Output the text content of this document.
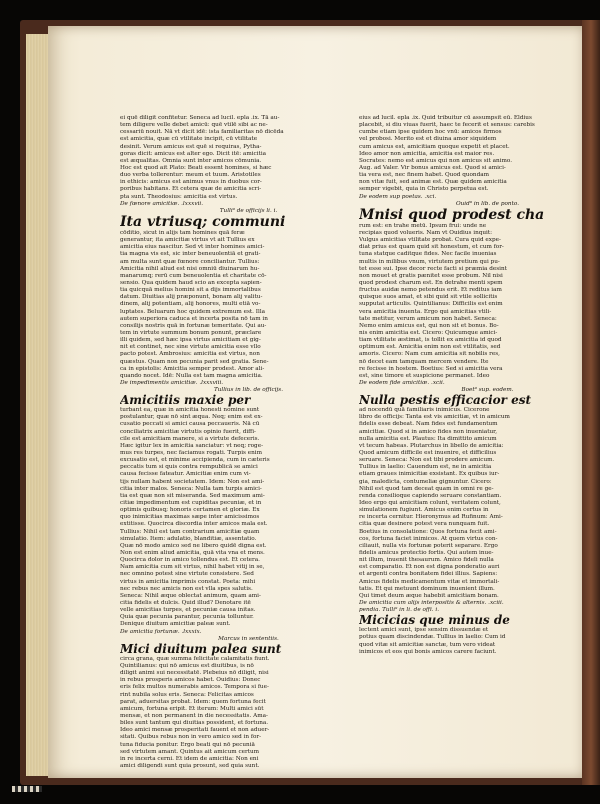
ei quē diligit confitetur. Seneca ad lucil. epla .ix. Tā au-
tem diligere velle debet amicū: quē vtilē sibi ac ne-
cessariū nouit. Nā vt dicit idē: ista familiaritas nō dicēda
est amicitia, quæ cū vtilitate incipit, cū vtilitate
desinit. Verum amicus est quē si requiras, Pytha-
goras dicit: amicus est alter ego. Dicit itē: amicitia
est æqualitas. Omnia sunt inter amicos cōmunia.
Hoc est quod ait Plato: Beati essent homines, si hæc
duo verba tollerentur: meum et tuum. Aristotiles
in ethicis: amicus est animus vnus in duobus cor-
poribus habitans. Et cetera quæ de amicitia scri-
pta sunt. Theodosius: amicitia est virtus.
De fœnore amicitiæ. .lxxxvii.
Tulli⁹ de officijs li. i.
Ita vtriusq; communi
cōditio, sicut in alijs tam homines quā feræ
generantur, ita amicitiæ virtus vt ait Tullius ex
amicitia eius nascitur. Sed vt inter homines amici-
tia magna vis est, sic inter beneuolentiā et grati-
am multa sunt quæ fœnore conciliantur. Tullius:
Amicitia nihil aliud est nisi omniū diuinarum hu-
manarumq; rerū cum beneuolentia et charitate cō-
sensio. Qua quidem haud scio an excepta sapien-
tia quicquā melius homini sit a dijs immortalibus
datum. Diuitias alij præponunt, bonam alij valitu-
dinem, alij potentiam, alij honores, multi etiā vo-
luptates. Beluarum hoc quidem extremum est. Illa
autem superiora caduca et incerta posita nō tam in
consilijs nostris quā in fortunæ temeritate. Qui au-
tem in virtute summum bonum ponunt, præclare
illi quidem, sed hæc ipsa virtus amicitiam et gig-
nit et continet, nec sine virtute amicitia esse vllo
pacto potest. Ambrosius: amicitia est virtus, non
quæstus. Quam non pecunia parit sed gratia. Sene-
ca in epistolis: Amicitia semper prodest. Amor ali-
quando nocet. Idē: Nulla est tam magna amicitia.
De impedimentis amicitiæ. .lxxxviii.
Tullius in lib. de officijs.
Amicitiis maxie per
turbant ea, quæ in amicitia honesti nomine sunt
postulantur, quæ nō sint æqua. Neq; enim est ex-
cusatio peccati si amici causa peccaueris. Nā cū
conciliatrix amicitiæ virtutis opinio fuerit, diffi-
cile est amicitiam manere, si a virtute defeceris.
Hæc igitur lex in amicitia sanciatur: vt neq; roge-
mus res turpes, nec faciamus rogati. Turpis enim
excusatio est, et minime accipienda, cum in cæteris
peccatis tum si quis contra rempublicā se amici
causa fecisse fateatur. Amicitiæ enim cum vi-
tijs nullam habent societatem. Idem: Non est ami-
citia inter malos. Seneca: Nulla tam turpis amici-
tia est quæ non sit miseranda. Sed maximum ami-
citiæ impedimentum est cupiditas pecuniæ, et in
optimis quibusq; honoris certamen et gloriæ. Ex
quo inimicitias maximas sæpe inter amicissimos
extitisse. Quocirca discordia inter amicos mala est.
Tullius: Nihil est tam contrarium amicitiæ quam
simulatio. Item: adulatio, blanditiæ, assentatio.
Quæ nō modo amico sed ne libero quidē digna est.
Non est enim aliud amicitia, quā vita vna et mens.
Quocirca dolor in amico tollendus est. Et cetera.
Nam amicitia cum sit virtus, nihil habet vitij in se,
nec omnino potest sine virtute consistere. Sed
virtus in amicitia imprimis constat. Poeta: mihi
nec rebus nec amicis non est vlla spes salutis.
Seneca: Nihil æque oblectat animum, quam ami-
citia fidelis et dulcis. Quid illud? Denotare itē
velle amicitias turpes, et pecuniæ causa initas.
Quia quæ pecunia parantur, pecunia tolluntur.
Denique diuitum amicitiæ paleæ sunt.
De amicitia fortunæ. .lxxxix.
Marcus in sententiis.
Mici diuitum palea sunt
circa grana, quæ summa felicitate calamitatis fiunt.
Quintilianus: qui nō amicus est diuitibus, is nō
diligit animi sui necessitatē. Plebeius nō diligit, nisi
in rebus prosperis amicos habet. Ouidius: Donec
eris felix multos numerabis amicos. Tempora si fue-
rint nubila solus eris. Seneca: Felicitas amicos
parat, aduersitas probat. Idem: quem fortuna fecit
amicum, fortuna eripit. Et iterum: Multi amici sūt
mensæ, et non permanent in die necessitatis. Ama-
biles sunt tantum qui diuitias possident, et fortuna.
Ideo amici mensæ prosperitati fauent et non aduer-
sitati. Quibus rebus non in vero amico sed in for-
tuna fiducia ponitur. Ergo beati qui nō pecuniā
sed virtutem amant. Quintus ait amicum certum
in re incerta cerni. Et idem de amicitia: Non eni
amici diligendi sunt quia prosunt, sed quia sunt.
eius ad lucil. epla .ix. Quid tribuitur cū assumpsit eū. Eldius
placebit, si diu viuas fuerit, haec te fecerit et sensus: carebis
cumbe etiam ipse quidem hoc vnū: amicos firmos
vel probosi. Merito est et diuina amor siquidem
cum amicus est, amicitiam quoque expetit et placet.
Ideo amor non amicitia, amicitia est maior res.
Socrates: nemo est amicus qui non amicus sit animo.
Aug. ad Valer. Vir bonus amicus est. Quod si amici-
tia vera est, nec finem habet. Quod quondam
non vitæ fuit, sed animæ est. Quæ quidem amicitia
semper vigebit, quia in Christo perpetua est.
De eodem sup poetas. .xci.
Ouid⁹ in lib. de ponto.
Mnisi quod prodest cha
rum est: en trahe metū. Ipsum frui: unde ne
recipias quod volueris. Nam vt Ouidius inquit:
Vulgus amicitias vtilitate probat. Cura quid expe-
diat prius est quam quid sit honestum, et cum for-
tuna statque caditque fides. Nec facile inuenias
multis in milibus vnum, virtutem pretium qui pu-
tet esse sui. Ipse decor recte facti si præmia desint
non mouet et gratis pænitet esse probum. Nil nisi
quod prodest charum est. En detrahe menti spem
fructus auidæ nemo petendus erit. Et reditus iam
quisque suos amat, et sibi quid sit vtile sollicitis
supputat articulis. Quintilianus: Difficilis est enim
vera amicitia inuenta. Ergo qui amicitias vtili-
tate metitur, verum amicum non habet. Seneca:
Nemo enim amicus est, qui non sit et bonus. Bo-
nis enim amicitia est. Cicero: Quicumque amici-
tiam vtilitate æstimat, is tollit ex amicitia id quod
optimum est. Amicitia enim non est vtilitatis, sed
amoris. Cicero: Nam cum amicitia sit nobilis res,
nō decet eam tamquam mercem vendere. Ite
re fecisse in hostem. Boetius: Sed si amicitia vera
est, sine timore et suspicione permanet. Ideo
De eodem fide amicitiæ. .xcii.
Boet⁹ sup. eodem.
Nulla pestis efficacior est
ad nocendū quā familiaris inimicus. Cicerone
libro de officijs: Tanta est vis amicitiæ, vt in amicum
fidelis esse debeat. Nam fides est fundamentum
amicitiæ. Quod si in amico fides non inueniatur,
nulla amicitia est. Plautus: Ita dimittito amicum
vt tecum habeas. Plutarchus in libello de amicitia:
Quod amicum difficile est inuenire, et difficilius
seruare. Seneca: Non est tibi prodere amicum.
Tullius in laelio: Cauendum est, ne in amicitia
etiam graues inimicitiæ exsistant. Ex quibus iur-
gia, maledicta, contumeliæ gignuntur. Cicero:
Nihil est quod tam deceat quam in omni re ge-
renda consilioque capiendo seruare constantiam.
Ideo ergo qui amicitiam colunt, veritatem colunt,
simulationem fugiunt. Amicus enim certus in
re incerta cernitur. Hieronymus ad Rufinum: Ami-
citia quæ desinere potest vera nunquam fuit.
Boetius in consolatione: Quos fortuna fecit ami-
cos, fortuna faciet inimicos. At quem virtus con-
ciliauit, nulla vis fortunæ poterit separare. Ergo
fidelis amicus protectio fortis. Qui autem inue-
nit illum, inuenit thesaurum. Amico fideli nulla
est comparatio. Et non est digna ponderatio auri
et argenti contra bonitatem fidei illius. Sapiens:
Amicus fidelis medicamentum vitæ et immortali-
tatis. Et qui metuunt dominum inuenient illum.
Qui timet deum æque habebit amicitiam bonam.
De amicitia cum alijs interpositis & alternis. .xciii.
pendia. Tulli⁹ in li. de offi. i.
Micicias que minus de
lectent amici sunt, ipse sensim dissuendæ et
potius quam discindendæ. Tullius in laelio: Cum id
quod vitæ sit amicitiæ sanctæ, tum vero videat
inimicos et eos qui bonis amicos carere faciunt.
